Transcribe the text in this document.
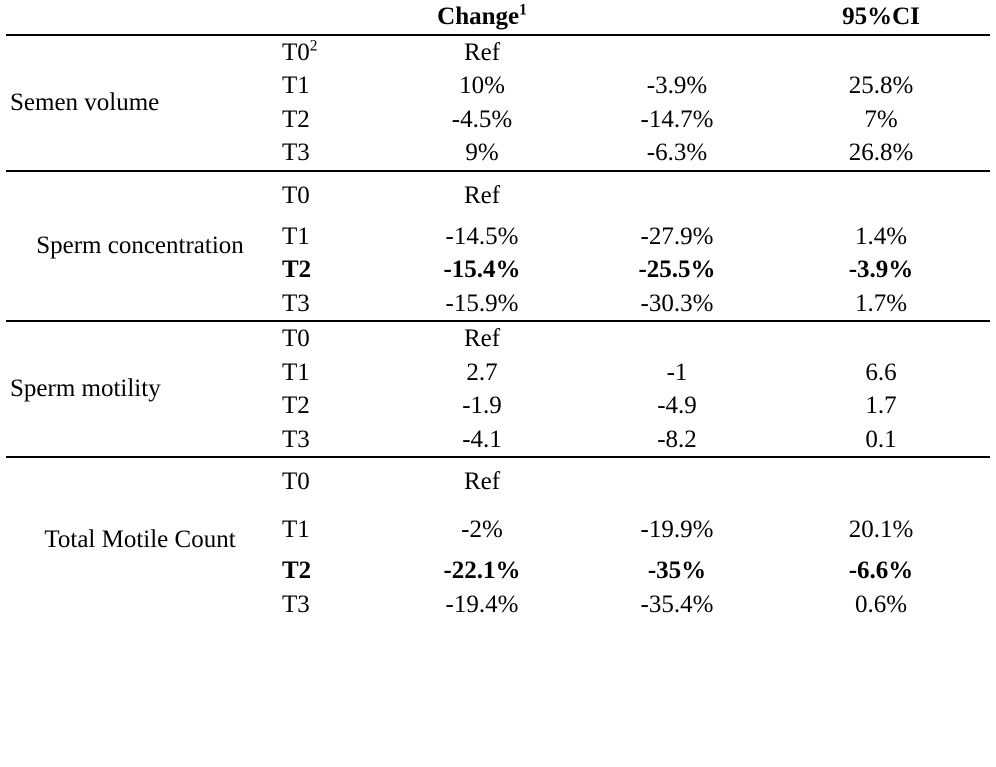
		Change$^1$		95%CI
Semen volume	$T0^2$	Ref		
	T1	10%	-3.9%	25.8%
	T2	-4.5%	-14.7%	7%
	T3	9%	-6.3%	26.8%
Sperm concentration	T0	Ref		
	T1	-14.5%	-27.9%	1.4%
	T2	-15.4%	-25.5%	-3.9%
	T3	-15.9%	-30.3%	1.7%
Sperm motility	T0	Ref		
	T1	2.7	-1	6.6
	T2	-1.9	-4.9	1.7
	T3	-4.1	-8.2	0.1
Total Motile Count	T0	Ref		
	T1	-2%	-19.9%	20.1%
	T2	-22.1%	-35%	-6.6%
	T3	-19.4%	-35.4%	0.6%
